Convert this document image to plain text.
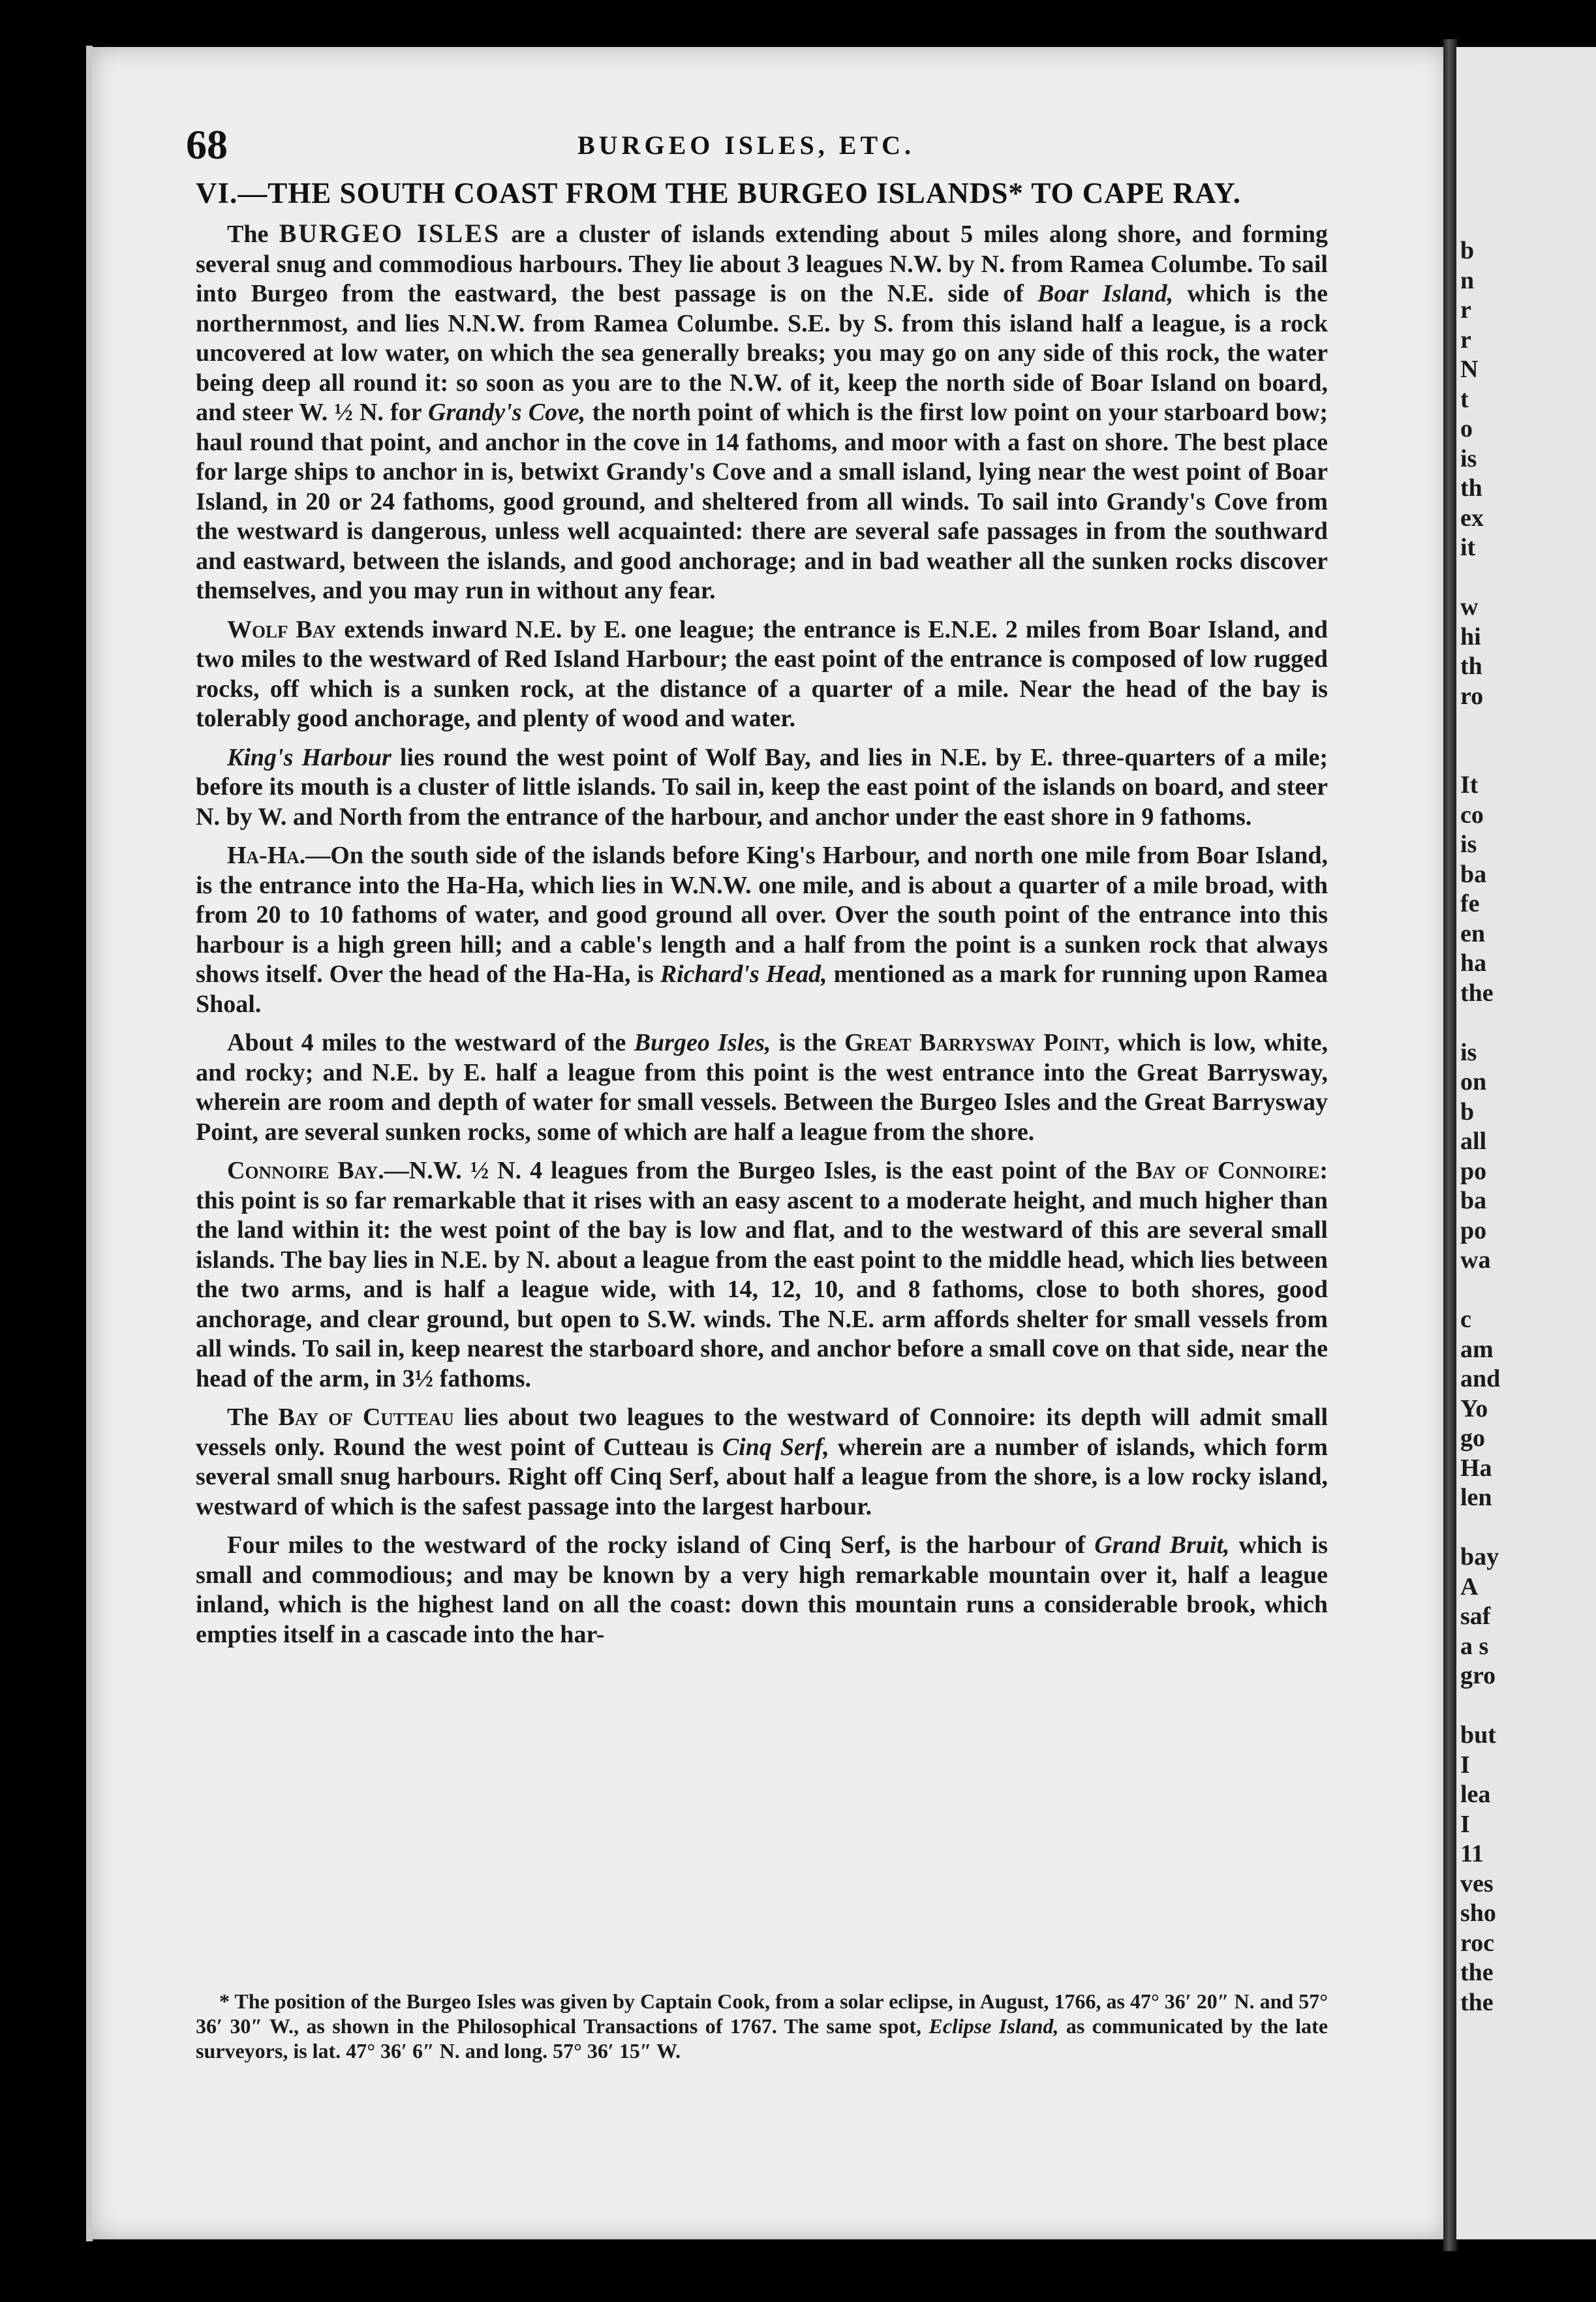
b
n
r
r
N
t
o
is
th
ex
it

w
hi
th
ro

It
co
is
ba
fe
en
ha
the

is
on
b
all
po
ba
po
wa

c
am
and
Yo
go
Ha
len

bay
A
saf
a s
gro

but
I
lea
I
11
ves
sho
roc
the
the
68	BURGEO ISLES, ETC.
VI.—THE SOUTH COAST FROM THE BURGEO ISLANDS* TO CAPE RAY.

The BURGEO ISLES are a cluster of islands extending about 5 miles along shore, and forming several snug and commodious harbours. They lie about 3 leagues N.W. by N. from Ramea Columbe. To sail into Burgeo from the eastward, the best passage is on the N.E. side of Boar Island, which is the northernmost, and lies N.N.W. from Ramea Columbe. S.E. by S. from this island half a league, is a rock uncovered at low water, on which the sea generally breaks; you may go on any side of this rock, the water being deep all round it: so soon as you are to the N.W. of it, keep the north side of Boar Island on board, and steer W. ½ N. for Grandy's Cove, the north point of which is the first low point on your starboard bow; haul round that point, and anchor in the cove in 14 fathoms, and moor with a fast on shore. The best place for large ships to anchor in is, betwixt Grandy's Cove and a small island, lying near the west point of Boar Island, in 20 or 24 fathoms, good ground, and sheltered from all winds. To sail into Grandy's Cove from the westward is dangerous, unless well acquainted: there are several safe passages in from the southward and eastward, between the islands, and good anchorage; and in bad weather all the sunken rocks discover themselves, and you may run in without any fear.

Wolf Bay extends inward N.E. by E. one league; the entrance is E.N.E. 2 miles from Boar Island, and two miles to the westward of Red Island Harbour; the east point of the entrance is composed of low rugged rocks, off which is a sunken rock, at the distance of a quarter of a mile. Near the head of the bay is tolerably good anchorage, and plenty of wood and water.

King's Harbour lies round the west point of Wolf Bay, and lies in N.E. by E. three-quarters of a mile; before its mouth is a cluster of little islands. To sail in, keep the east point of the islands on board, and steer N. by W. and North from the entrance of the harbour, and anchor under the east shore in 9 fathoms.

Ha-Ha.—On the south side of the islands before King's Harbour, and north one mile from Boar Island, is the entrance into the Ha-Ha, which lies in W.N.W. one mile, and is about a quarter of a mile broad, with from 20 to 10 fathoms of water, and good ground all over. Over the south point of the entrance into this harbour is a high green hill; and a cable's length and a half from the point is a sunken rock that always shows itself. Over the head of the Ha-Ha, is Richard's Head, mentioned as a mark for running upon Ramea Shoal.

About 4 miles to the westward of the Burgeo Isles, is the Great Barrysway Point, which is low, white, and rocky; and N.E. by E. half a league from this point is the west entrance into the Great Barrysway, wherein are room and depth of water for small vessels. Between the Burgeo Isles and the Great Barrysway Point, are several sunken rocks, some of which are half a league from the shore.

Connoire Bay.—N.W. ½ N. 4 leagues from the Burgeo Isles, is the east point of the Bay of Connoire: this point is so far remarkable that it rises with an easy ascent to a moderate height, and much higher than the land within it: the west point of the bay is low and flat, and to the westward of this are several small islands. The bay lies in N.E. by N. about a league from the east point to the middle head, which lies between the two arms, and is half a league wide, with 14, 12, 10, and 8 fathoms, close to both shores, good anchorage, and clear ground, but open to S.W. winds. The N.E. arm affords shelter for small vessels from all winds. To sail in, keep nearest the starboard shore, and anchor before a small cove on that side, near the head of the arm, in 3½ fathoms.

The Bay of Cutteau lies about two leagues to the westward of Connoire: its depth will admit small vessels only. Round the west point of Cutteau is Cinq Serf, wherein are a number of islands, which form several small snug harbours. Right off Cinq Serf, about half a league from the shore, is a low rocky island, westward of which is the safest passage into the largest harbour.

Four miles to the westward of the rocky island of Cinq Serf, is the harbour of Grand Bruit, which is small and commodious; and may be known by a very high remarkable mountain over it, half a league inland, which is the highest land on all the coast: down this mountain runs a considerable brook, which empties itself in a cascade into the har-

* The position of the Burgeo Isles was given by Captain Cook, from a solar eclipse, in August, 1766, as 47° 36′ 20″ N. and 57° 36′ 30″ W., as shown in the Philosophical Transactions of 1767. The same spot, Eclipse Island, as communicated by the late surveyors, is lat. 47° 36′ 6″ N. and long. 57° 36′ 15″ W.
